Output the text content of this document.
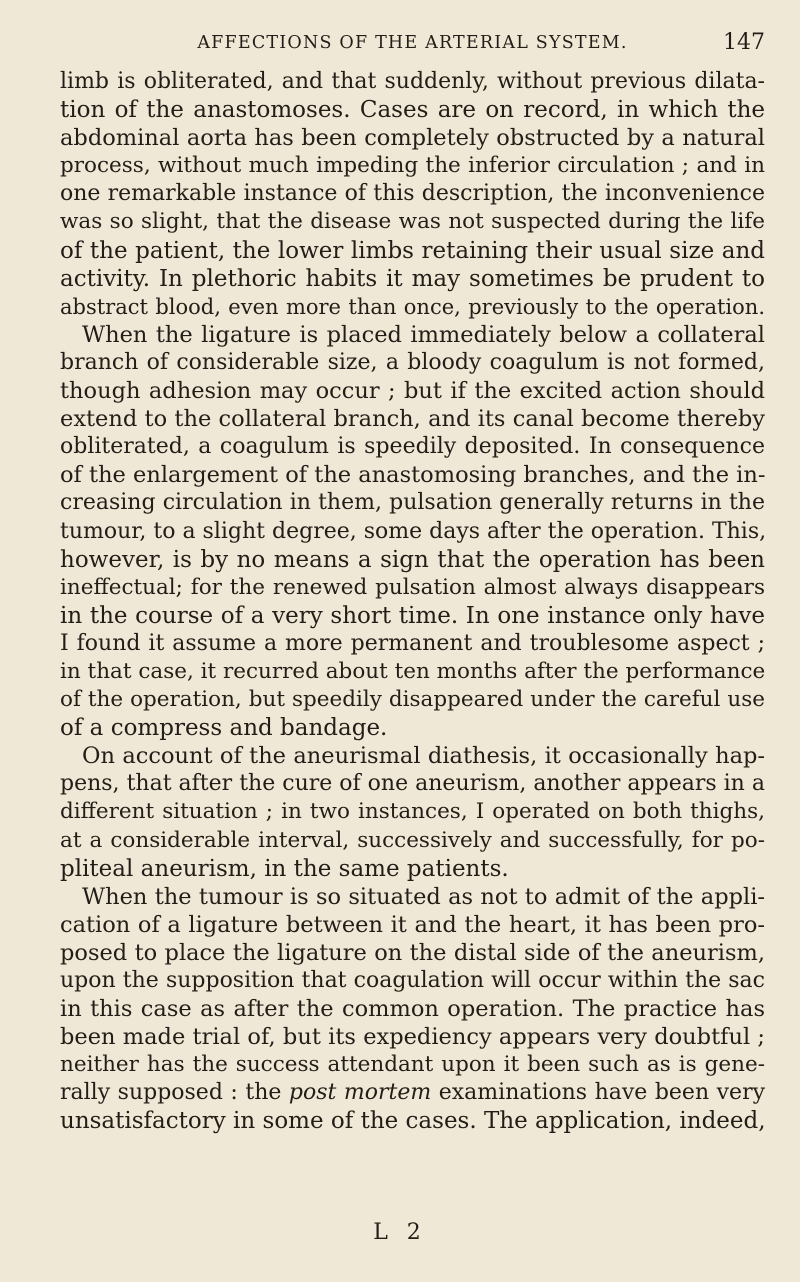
AFFECTIONS OF THE ARTERIAL SYSTEM.	147
limb is obliterated, and that suddenly, without previous dilata-
tion of the anastomoses. Cases are on record, in which the
abdominal aorta has been completely obstructed by a natural
process, without much impeding the inferior circulation ; and in
one remarkable instance of this description, the inconvenience
was so slight, that the disease was not suspected during the life
of the patient, the lower limbs retaining their usual size and
activity. In plethoric habits it may sometimes be prudent to
abstract blood, even more than once, previously to the operation.
When the ligature is placed immediately below a collateral
branch of considerable size, a bloody coagulum is not formed,
though adhesion may occur ; but if the excited action should
extend to the collateral branch, and its canal become thereby
obliterated, a coagulum is speedily deposited. In consequence
of the enlargement of the anastomosing branches, and the in-
creasing circulation in them, pulsation generally returns in the
tumour, to a slight degree, some days after the operation. This,
however, is by no means a sign that the operation has been
ineffectual; for the renewed pulsation almost always disappears
in the course of a very short time. In one instance only have
I found it assume a more permanent and troublesome aspect ;
in that case, it recurred about ten months after the performance
of the operation, but speedily disappeared under the careful use
of a compress and bandage.
On account of the aneurismal diathesis, it occasionally hap-
pens, that after the cure of one aneurism, another appears in a
different situation ; in two instances, I operated on both thighs,
at a considerable interval, successively and successfully, for po-
pliteal aneurism, in the same patients.
When the tumour is so situated as not to admit of the appli-
cation of a ligature between it and the heart, it has been pro-
posed to place the ligature on the distal side of the aneurism,
upon the supposition that coagulation will occur within the sac
in this case as after the common operation. The practice has
been made trial of, but its expediency appears very doubtful ;
neither has the success attendant upon it been such as is gene-
rally supposed : the post mortem examinations have been very
unsatisfactory in some of the cases. The application, indeed,
L 2
